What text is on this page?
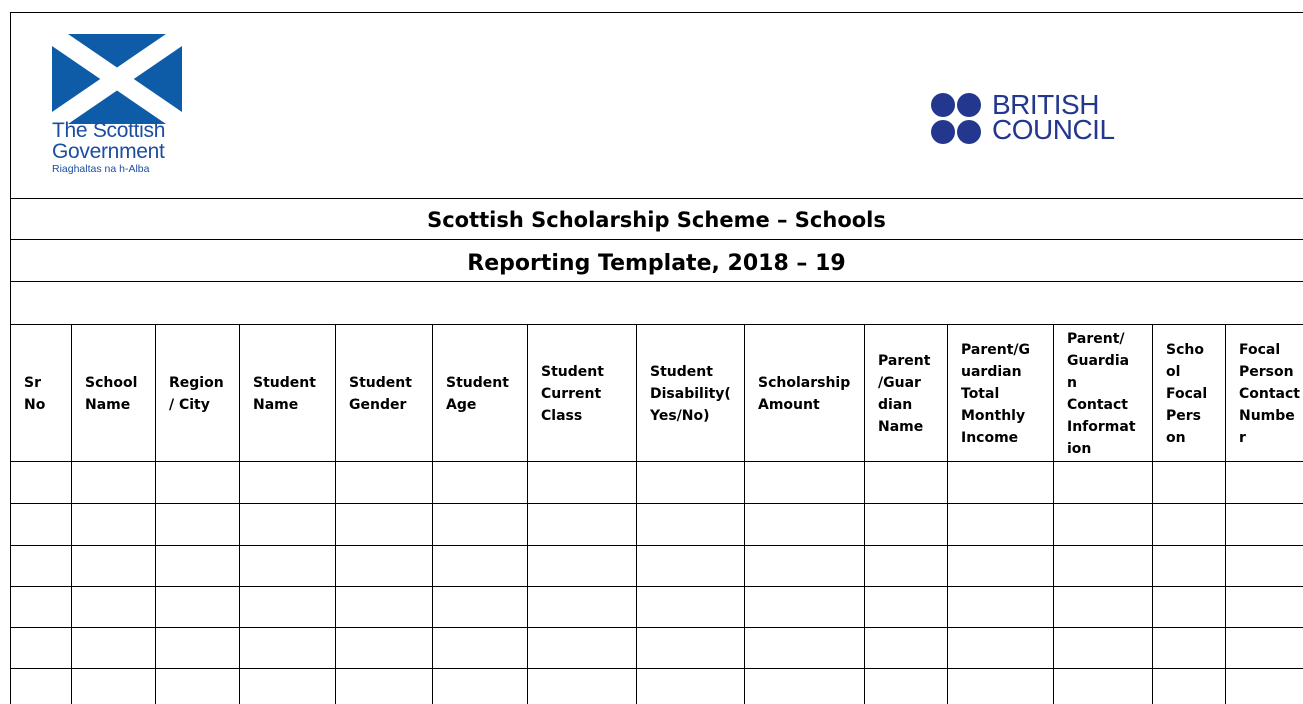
The Scottish
Government
Riaghaltas na h-Alba
BRITISH
COUNCIL
Scottish Scholarship Scheme – Schools
Reporting Template, 2018 – 19
Sr
No
School
Name
Region
/ City
Student
Name
Student
Gender
Student
Age
Student
Current
Class
Student
Disability(
Yes/No)
Scholarship
Amount
Parent
/Guar
dian
Name
Parent/G
uardian
Total
Monthly
Income
Parent/
Guardia
n
Contact
Informat
ion
Scho
ol
Focal
Pers
on
Focal
Person
Contact
Numbe
r
